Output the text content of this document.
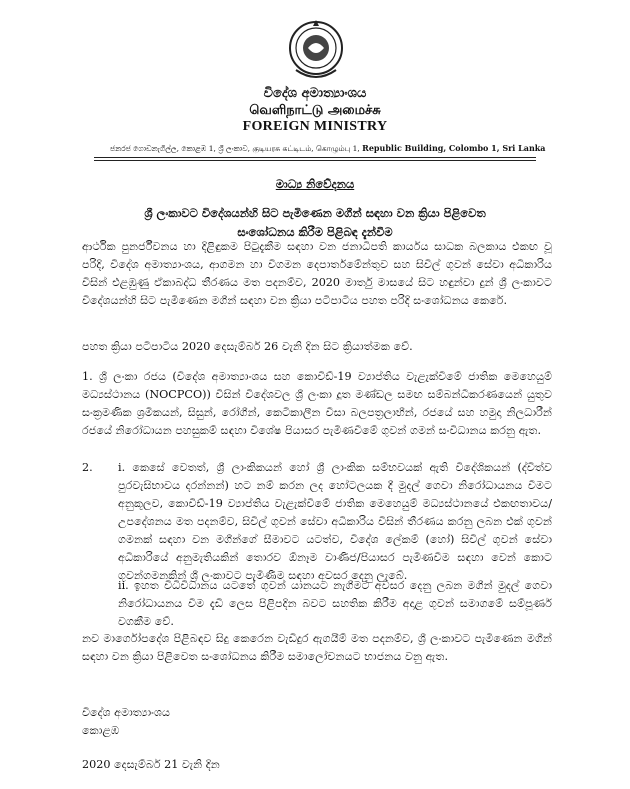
විදේශ අමාත්‍යාංශය
வெளிநாட்டு அமைச்சு
FOREIGN MINISTRY
ජනරජ ගොඩනැගිල්ල, කොළඹ 1, ශ්‍රී ලංකාව, குடியரசு கட்டிடம், கொழும்பு 1, Republic Building, Colombo 1, Sri Lanka
මාධ්‍ය නිවේදනය
ශ්‍රී ලංකාවට විදේශයන්හි සිට පැමිණෙන මගීන් සඳහා වන ක්‍රියා පිළිවෙත
සංශෝධනය කිරීම පිළිබඳ දැන්වීම
ආර්ථික පුනර්ජීවනය හා දිළිඳුකම පිටුදැකීම සඳහා වන ජනාධිපති කාර්යය සාධක බලකාය එකඟ වූ පරිදි, විදේශ අමාත්‍යාංශය, ආගමන හා විගමන දෙපාර්තමේන්තුව සහ සිවිල් ගුවන් සේවා අධිකාරිය විසින් එළඹුණු ඒකාබද්ධ තීරණය මත පදනම්ව, 2020 මාර්තු මාසයේ සිට හඳුන්වා දුන් ශ්‍රී ලංකාවට විදේශයන්හි සිට පැමිණෙන මගීන් සඳහා වන ක්‍රියා පටිපාටිය පහත පරිදි සංශෝධනය කෙරේ.
පහත ක්‍රියා පටිපාටිය 2020 දෙසැම්බර් 26 වැනි දින සිට ක්‍රියාත්මක වේ.
1. ශ්‍රී ලංකා රජය (විදේශ අමාත්‍යාංශය සහ කොවිඩ්-19 ව්‍යාප්තිය වැළැක්වීමේ ජාතික මෙහෙයුම් මධ්‍යස්ථානය (NOCPCO)) විසින් විදේශවල ශ්‍රී ලංකා දූත මණ්ඩල සමඟ සම්බන්ධීකරණයෙන් යුතුව සංක්‍රමණික ශ්‍රමිකයන්, සිසුන්, රෝගීන්, කෙටිකාලීන වීසා බලපත්‍රලාභීන්, රජයේ සහ හමුදා නිලධාරීන් රජයේ නිරෝධායන පහසුකම් සඳහා විශේෂ පියාසර පැමිණවීමේ ගුවන් ගමන් සංවිධානය කරනු ඇත.
2.	i. කෙසේ වෙතත්, ශ්‍රී ලාංකිකයන් හෝ ශ්‍රී ලාංකික සම්භවයක් ඇති විදේශිකයන් (ද්විත්ව පුරවැසිභාවය දරන්නන්) හට නම් කරන ලද හෝටලයක දී මුදල් ගෙවා නිරෝධායනය වීමට අනුකූලව, කොවිඩ්-19 ව්‍යාප්තිය වැළැක්වීමේ ජාතික මෙහෙයුම් මධ්‍යස්ථානයේ එකඟතාවය/උපදේශනය මත පදනම්ව, සිවිල් ගුවන් සේවා අධිකාරිය විසින් තීරණය කරනු ලබන එක් ගුවන් ගමනක් සඳහා වන මගීන්ගේ සීමාවට යටත්ව, විදේශ ලේකම් (හෝ) සිවිල් ගුවන් සේවා අධිකාරියේ අනුමැතියකින් තොරව ඕනෑම වාණිජ/පියාසර පැමිණවීම සඳහා වෙන් කොට ගුවන්ගමනකින් ශ්‍රී ලංකාවට පැමිණීම සඳහා අවසර දෙනු ලැබේ.
ii. ඉහත විධිවිධානය යටතේ ගුවන් යානයට නැගීමට අවසර දෙනු ලබන මගීන් මුදල් ගෙවා නිරෝධායනය වීම දැඩි ලෙස පිළිපදින බවට සහතික කිරීම අදාළ ගුවන් සමාගමේ සම්පූර්ණ වගකීම වේ.
නව මාර්ගෝපදේශ පිළිබඳව සිදු කෙරෙන වැඩිදුර ඇගයීම් මත පදනම්ව, ශ්‍රී ලංකාවට පැමිණෙන මගීන් සඳහා වන ක්‍රියා පිළිවෙත සංශෝධනය කිරීම සමාලෝචනයට භාජනය වනු ඇත.
විදේශ අමාත්‍යාංශය
කොළඹ
2020 දෙසැම්බර් 21 වැනි දින
